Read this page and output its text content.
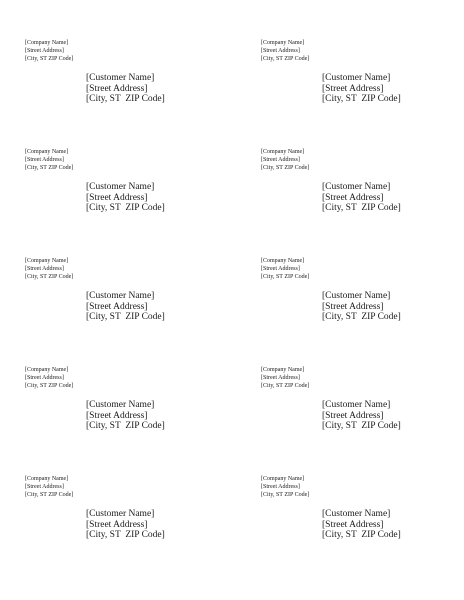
[Company Name]
[Street Address]
[City, ST ZIP Code]
[Customer Name]
[Street Address]
[City, ST  ZIP Code]
[Company Name]
[Street Address]
[City, ST ZIP Code]
[Customer Name]
[Street Address]
[City, ST  ZIP Code]
[Company Name]
[Street Address]
[City, ST ZIP Code]
[Customer Name]
[Street Address]
[City, ST  ZIP Code]
[Company Name]
[Street Address]
[City, ST ZIP Code]
[Customer Name]
[Street Address]
[City, ST  ZIP Code]
[Company Name]
[Street Address]
[City, ST ZIP Code]
[Customer Name]
[Street Address]
[City, ST  ZIP Code]
[Company Name]
[Street Address]
[City, ST ZIP Code]
[Customer Name]
[Street Address]
[City, ST  ZIP Code]
[Company Name]
[Street Address]
[City, ST ZIP Code]
[Customer Name]
[Street Address]
[City, ST  ZIP Code]
[Company Name]
[Street Address]
[City, ST ZIP Code]
[Customer Name]
[Street Address]
[City, ST  ZIP Code]
[Company Name]
[Street Address]
[City, ST ZIP Code]
[Customer Name]
[Street Address]
[City, ST  ZIP Code]
[Company Name]
[Street Address]
[City, ST ZIP Code]
[Customer Name]
[Street Address]
[City, ST  ZIP Code]
